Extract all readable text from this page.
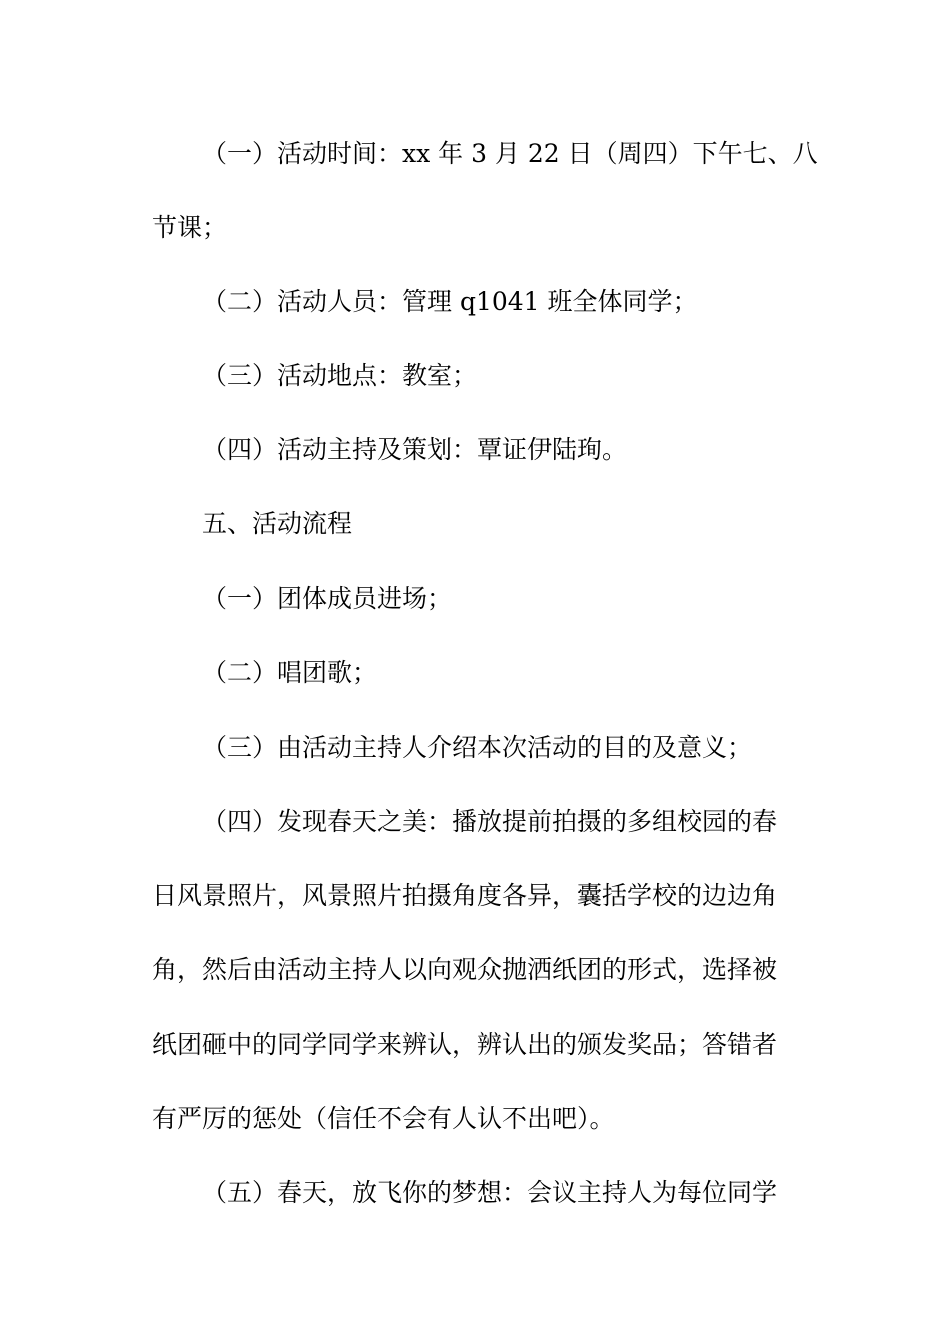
（一）活动时间：xx 年 3 月 22 日（周四）下午七、八
节课；
（二）活动人员：管理 q1041 班全体同学；
（三）活动地点：教室；
（四）活动主持及策划：覃证伊陆珣。
五、活动流程
（一）团体成员进场；
（二）唱团歌；
（三）由活动主持人介绍本次活动的目的及意义；
（四）发现春天之美：播放提前拍摄的多组校园的春
日风景照片，风景照片拍摄角度各异，囊括学校的边边角
角，然后由活动主持人以向观众抛洒纸团的形式，选择被
纸团砸中的同学同学来辨认，辨认出的颁发奖品；答错者
有严厉的惩处（信任不会有人认不出吧）。
（五）春天，放飞你的梦想：会议主持人为每位同学
